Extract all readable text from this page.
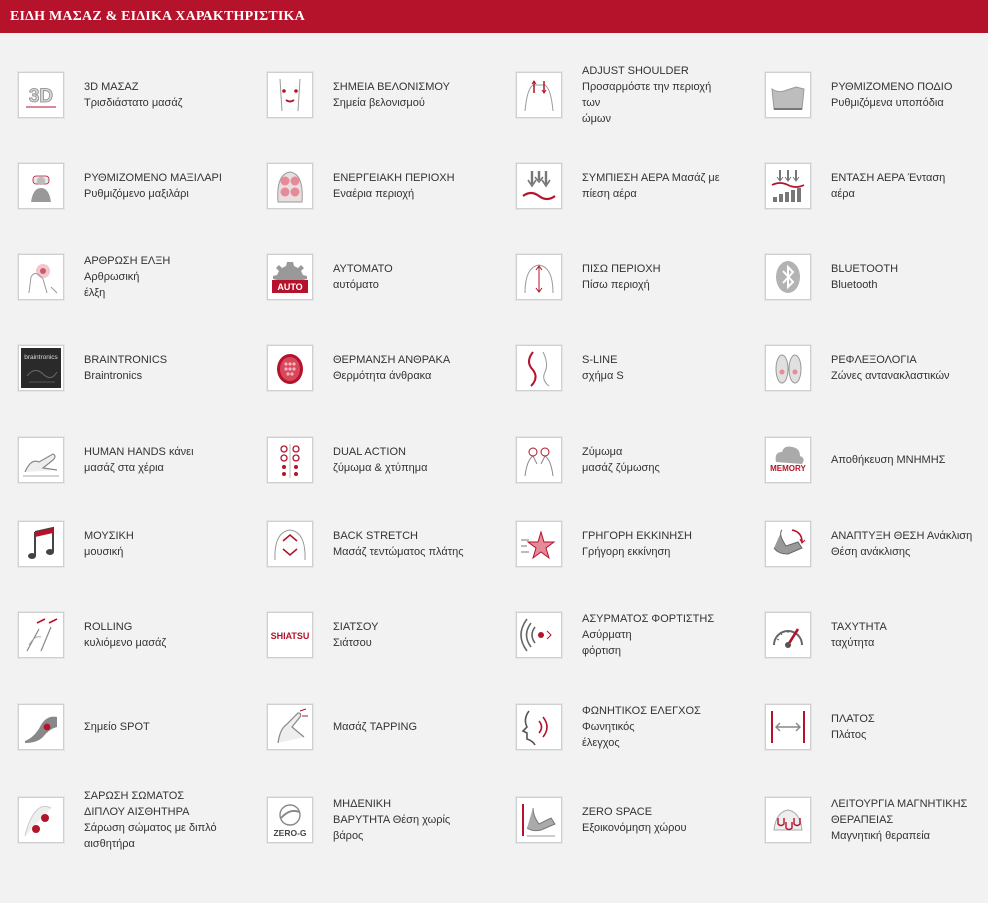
ΕΙΔΗ ΜΑΣΑΖ & ΕΙΔΙΚΑ ΧΑΡΑΚΤΗΡΙΣΤΙΚΑ
3D	3D ΜΑΣΑΖ
Τρισδιάστατο μασάζ
ΣΗΜΕΙΑ ΒΕΛΟΝΙΣΜΟΥ
Σημεία βελονισμού
ADJUST SHOULDER
Προσαρμόστε την περιοχή
των
ώμων
ΡΥΘΜΙΖΟΜΕΝΟ ΠΟΔΙΟ
Ρυθμιζόμενα υποπόδια
ΡΥΘΜΙΖΟΜΕΝΟ ΜΑΞΙΛΑΡΙ
Ρυθμιζόμενο μαξιλάρι
ΕΝΕΡΓΕΙΑΚΗ ΠΕΡΙΟΧΗ
Εναέρια περιοχή
ΣΥΜΠΙΕΣΗ ΑΕΡΑ Μασάζ με
πίεση αέρα
ΕΝΤΑΣΗ ΑΕΡΑ Ένταση
αέρα
ΑΡΘΡΩΣΗ ΕΛΞΗ
Αρθρωσική
έλξη	AUTO
ΑΥΤΟΜΑΤΟ
αυτόματο
ΠΙΣΩ ΠΕΡΙΟΧΗ
Πίσω περιοχή
BLUETOOTH
Bluetooth
braintronics BRAINTRONICS
Braintronics
ΘΕΡΜΑΝΣΗ ΑΝΘΡΑΚΑ
Θερμότητα άνθρακα
S-LINE
σχήμα S
ΡΕΦΛΕΞΟΛΟΓΙΑ
Ζώνες αντανακλαστικών
HUMAN HANDS κάνει
μασάζ στα χέρια
DUAL ACTION
ζύμωμα & χτύπημα
Ζύμωμα
μασάζ ζύμωσης	MEMORY
Αποθήκευση ΜΝΗΜΗΣ
ΜΟΥΣΙΚΗ
μουσική
BACK STRETCH
Μασάζ τεντώματος πλάτης
ΓΡΗΓΟΡΗ ΕΚΚΙΝΗΣΗ
Γρήγορη εκκίνηση
ΑΝΑΠΤΥΞΗ ΘΕΣΗ Ανάκλιση
Θέση ανάκλισης
ROLLING
κυλιόμενο μασάζ
SHIATSU
ΣΙΑΤΣΟΥ
Σιάτσου
ΑΣΥΡΜΑΤΟΣ ΦΟΡΤΙΣΤΗΣ
Ασύρματη
φόρτιση
ΤΑΧΥΤΗΤΑ
ταχύτητα
Σημείο SPOT	Μασάζ TAPPING
ΦΩΝΗΤΙΚΟΣ ΕΛΕΓΧΟΣ
Φωνητικός
έλεγχος
ΠΛΑΤΟΣ
Πλάτος
ΣΑΡΩΣΗ ΣΩΜΑΤΟΣ
ΔΙΠΛΟΥ ΑΙΣΘΗΤΗΡΑ
Σάρωση σώματος με διπλό
αισθητήρα
ZERO-G
ΜΗΔΕΝΙΚΗ
ΒΑΡΥΤΗΤΑ Θέση χωρίς
βάρος
ZERO SPACE
Εξοικονόμηση χώρου
ΛΕΙΤΟΥΡΓΙΑ ΜΑΓΝΗΤΙΚΗΣ
ΘΕΡΑΠΕΙΑΣ
Μαγνητική θεραπεία
